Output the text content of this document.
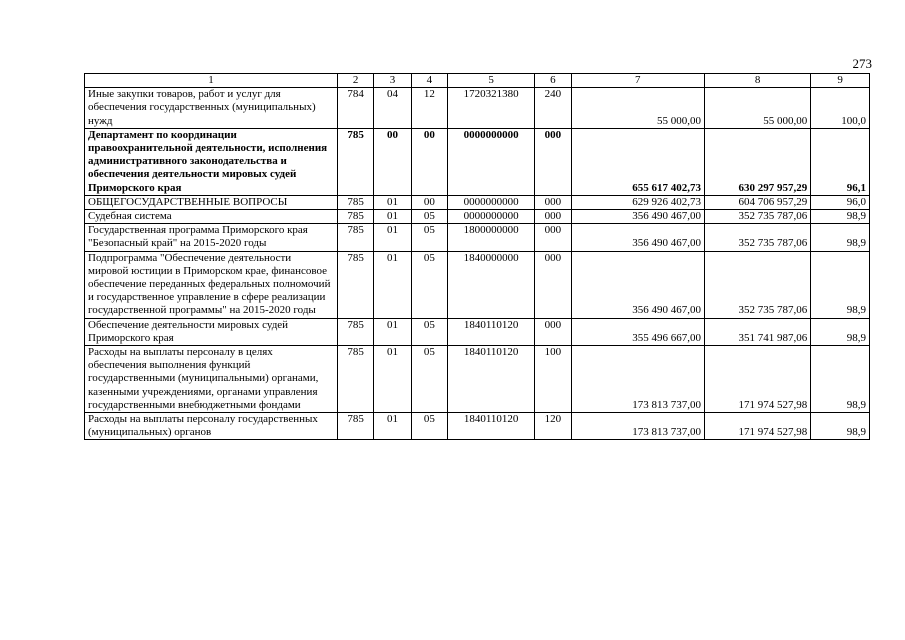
273
1	2	3	4	5	6	7	8	9
Иные закупки товаров, работ и услуг для обеспечения государственных (муниципальных) нужд	784	04	12	1720321380	240	55 000,00	55 000,00	100,0
Департамент по координации правоохранительной деятельности, исполнения административного законодательства и обеспечения деятельности мировых судей Приморского края	785	00	00	0000000000	000	655 617 402,73	630 297 957,29	96,1
ОБЩЕГОСУДАРСТВЕННЫЕ ВОПРОСЫ	785	01	00	0000000000	000	629 926 402,73	604 706 957,29	96,0
Судебная система	785	01	05	0000000000	000	356 490 467,00	352 735 787,06	98,9
Государственная программа Приморского края "Безопасный край" на 2015-2020 годы	785	01	05	1800000000	000	356 490 467,00	352 735 787,06	98,9
Подпрограмма "Обеспечение деятельности мировой юстиции в Приморском крае, финансовое обеспечение переданных федеральных полномочий и государственное управление в сфере реализации государственной программы" на 2015-2020 годы	785	01	05	1840000000	000	356 490 467,00	352 735 787,06	98,9
Обеспечение деятельности мировых судей Приморского края	785	01	05	1840110120	000	355 496 667,00	351 741 987,06	98,9
Расходы на выплаты персоналу в целях обеспечения выполнения функций государственными (муниципальными) органами, казенными учреждениями, органами управления государственными внебюджетными фондами	785	01	05	1840110120	100	173 813 737,00	171 974 527,98	98,9
Расходы на выплаты персоналу государственных (муниципальных) органов	785	01	05	1840110120	120	173 813 737,00	171 974 527,98	98,9
